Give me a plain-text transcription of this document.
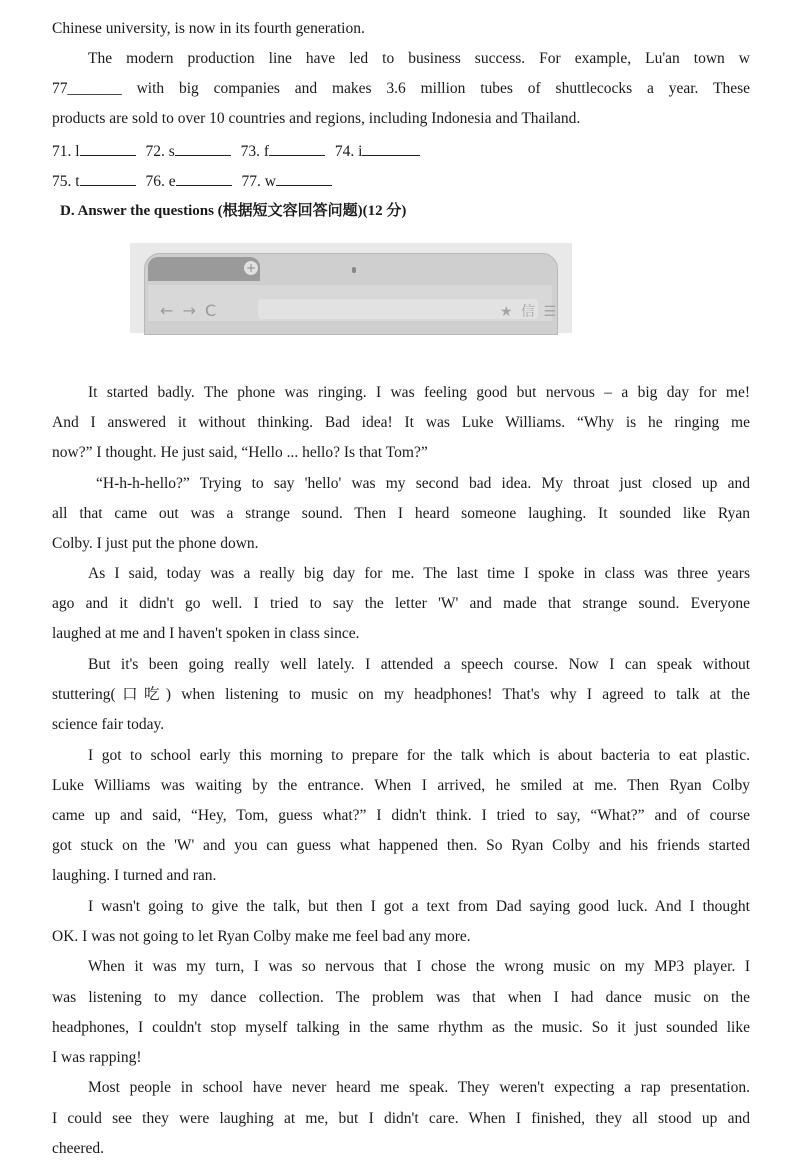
Chinese university, is now in its fourth generation.
The modern production line have led to business success. For example, Lu'an town w
77_______ with big companies and makes 3.6 million tubes of shuttlecocks a year. These
products are sold to over 10 countries and regions, including Indonesia and Thailand.
71. l	72. s	73. f	74. i
75. t	76. e	77. w
D. Answer the questions (根据短文容回答问题)(12 分)
+
← → C	★ 信 ☰
It started badly. The phone was ringing. I was feeling good but nervous – a big day for me!
And I answered it without thinking. Bad idea! It was Luke Williams. “Why is he ringing me
now?” I thought. He just said, “Hello ... hello? Is that Tom?”
“H-h-h-hello?” Trying to say 'hello' was my second bad idea. My throat just closed up and
all that came out was a strange sound. Then I heard someone laughing. It sounded like Ryan
Colby. I just put the phone down.
As I said, today was a really big day for me. The last time I spoke in class was three years
ago and it didn't go well. I tried to say the letter 'W' and made that strange sound. Everyone
laughed at me and I haven't spoken in class since.
But it's been going really well lately. I attended a speech course. Now I can speak without
stuttering(口吃) when listening to music on my headphones! That's why I agreed to talk at the
science fair today.
I got to school early this morning to prepare for the talk which is about bacteria to eat plastic.
Luke Williams was waiting by the entrance. When I arrived, he smiled at me. Then Ryan Colby
came up and said, “Hey, Tom, guess what?” I didn't think. I tried to say, “What?” and of course
got stuck on the 'W' and you can guess what happened then. So Ryan Colby and his friends started
laughing. I turned and ran.
I wasn't going to give the talk, but then I got a text from Dad saying good luck. And I thought
OK. I was not going to let Ryan Colby make me feel bad any more.
When it was my turn, I was so nervous that I chose the wrong music on my MP3 player. I
was listening to my dance collection. The problem was that when I had dance music on the
headphones, I couldn't stop myself talking in the same rhythm as the music. So it just sounded like
I was rapping!
Most people in school have never heard me speak. They weren't expecting a rap presentation.
I could see they were laughing at me, but I didn't care. When I finished, they all stood up and
cheered.
